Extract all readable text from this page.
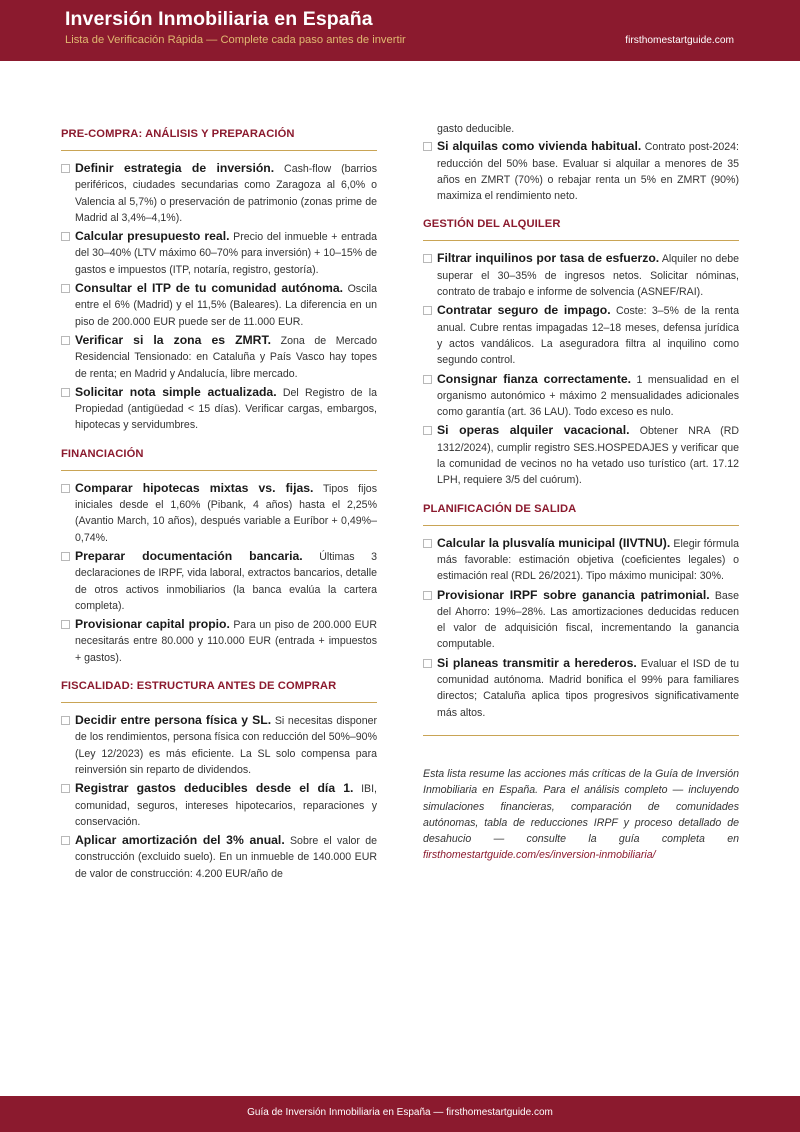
Inversión Inmobiliaria en España
Lista de Verificación Rápida — Complete cada paso antes de invertir	firsthomestartguide.com
PRE-COMPRA: ANÁLISIS Y PREPARACIÓN
Definir estrategia de inversión. Cash-flow (barrios periféricos, ciudades secundarias como Zaragoza al 6,0% o Valencia al 5,7%) o preservación de patrimonio (zonas prime de Madrid al 3,4%–4,1%).
Calcular presupuesto real. Precio del inmueble + entrada del 30–40% (LTV máximo 60–70% para inversión) + 10–15% de gastos e impuestos (ITP, notaría, registro, gestoría).
Consultar el ITP de tu comunidad autónoma. Oscila entre el 6% (Madrid) y el 11,5% (Baleares). La diferencia en un piso de 200.000 EUR puede ser de 11.000 EUR.
Verificar si la zona es ZMRT. Zona de Mercado Residencial Tensionado: en Cataluña y País Vasco hay topes de renta; en Madrid y Andalucía, libre mercado.
Solicitar nota simple actualizada. Del Registro de la Propiedad (antigüedad < 15 días). Verificar cargas, embargos, hipotecas y servidumbres.
FINANCIACIÓN
Comparar hipotecas mixtas vs. fijas. Tipos fijos iniciales desde el 1,60% (Pibank, 4 años) hasta el 2,25% (Avantio March, 10 años), después variable a Euríbor + 0,49%–0,74%.
Preparar documentación bancaria. Últimas 3 declaraciones de IRPF, vida laboral, extractos bancarios, detalle de otros activos inmobiliarios (la banca evalúa la cartera completa).
Provisionar capital propio. Para un piso de 200.000 EUR necesitarás entre 80.000 y 110.000 EUR (entrada + impuestos + gastos).
FISCALIDAD: ESTRUCTURA ANTES DE COMPRAR
Decidir entre persona física y SL. Si necesitas disponer de los rendimientos, persona física con reducción del 50%–90% (Ley 12/2023) es más eficiente. La SL solo compensa para reinversión sin reparto de dividendos.
Registrar gastos deducibles desde el día 1. IBI, comunidad, seguros, intereses hipotecarios, reparaciones y conservación.
Aplicar amortización del 3% anual. Sobre el valor de construcción (excluido suelo). En un inmueble de 140.000 EUR de valor de construcción: 4.200 EUR/año de
gasto deducible.
Si alquilas como vivienda habitual. Contrato post-2024: reducción del 50% base. Evaluar si alquilar a menores de 35 años en ZMRT (70%) o rebajar renta un 5% en ZMRT (90%) maximiza el rendimiento neto.
GESTIÓN DEL ALQUILER
Filtrar inquilinos por tasa de esfuerzo. Alquiler no debe superar el 30–35% de ingresos netos. Solicitar nóminas, contrato de trabajo e informe de solvencia (ASNEF/RAI).
Contratar seguro de impago. Coste: 3–5% de la renta anual. Cubre rentas impagadas 12–18 meses, defensa jurídica y actos vandálicos. La aseguradora filtra al inquilino como segundo control.
Consignar fianza correctamente. 1 mensualidad en el organismo autonómico + máximo 2 mensualidades adicionales como garantía (art. 36 LAU). Todo exceso es nulo.
Si operas alquiler vacacional. Obtener NRA (RD 1312/2024), cumplir registro SES.HOSPEDAJES y verificar que la comunidad de vecinos no ha vetado uso turístico (art. 17.12 LPH, requiere 3/5 del cuórum).
PLANIFICACIÓN DE SALIDA
Calcular la plusvalía municipal (IIVTNU). Elegir fórmula más favorable: estimación objetiva (coeficientes legales) o estimación real (RDL 26/2021). Tipo máximo municipal: 30%.
Provisionar IRPF sobre ganancia patrimonial. Base del Ahorro: 19%–28%. Las amortizaciones deducidas reducen el valor de adquisición fiscal, incrementando la ganancia computable.
Si planeas transmitir a herederos. Evaluar el ISD de tu comunidad autónoma. Madrid bonifica el 99% para familiares directos; Cataluña aplica tipos progresivos significativamente más altos.
Esta lista resume las acciones más críticas de la Guía de Inversión Inmobiliaria en España. Para el análisis completo — incluyendo simulaciones financieras, comparación de comunidades autónomas, tabla de reducciones IRPF y proceso detallado de desahucio — consulte la guía completa en firsthomestartguide.com/es/inversion-inmobiliaria/
Guía de Inversión Inmobiliaria en España — firsthomestartguide.com
